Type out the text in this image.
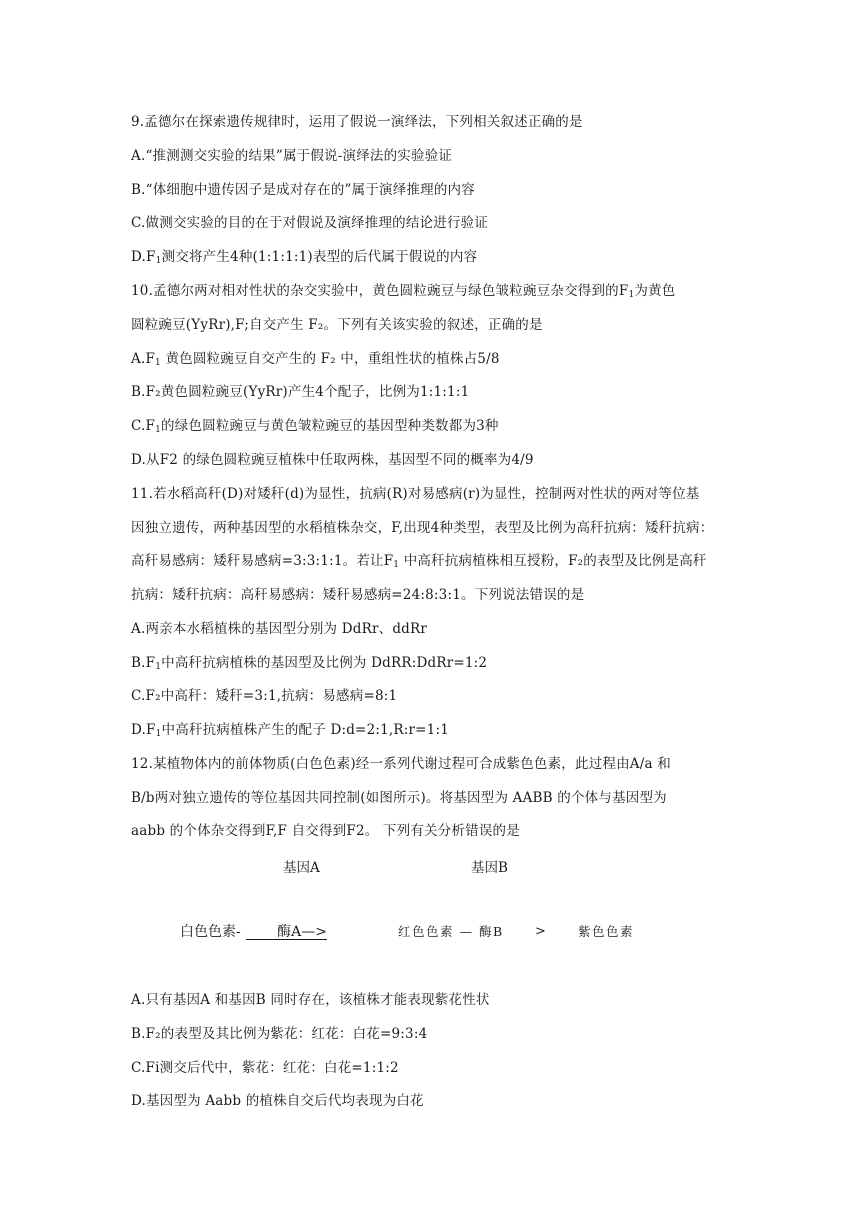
9.孟德尔在探索遗传规律时，运用了假说一演绎法，下列相关叙述正确的是
A.“推测测交实验的结果”属于假说-演绎法的实验验证
B.“体细胞中遗传因子是成对存在的”属于演绎推理的内容
C.做测交实验的目的在于对假说及演绎推理的结论进行验证
$D.F_1$测交将产生4种(1:1:1:1)表型的后代属于假说的内容
10.孟德尔两对相对性状的杂交实验中，黄色圆粒豌豆与绿色皱粒豌豆杂交得到的$F_1$为黄色
圆粒豌豆(YyRr),F;自交产生 F₂。下列有关该实验的叙述，正确的是
$A.F_1$ 黄色圆粒豌豆自交产生的 F₂ 中，重组性状的植株占5/8
B.F₂黄色圆粒豌豆(YyRr)产生4个配子，比例为1:1:1:1
$C.F_1$的绿色圆粒豌豆与黄色皱粒豌豆的基因型种类数都为3种
D.从F2 的绿色圆粒豌豆植株中任取两株，基因型不同的概率为4/9
11.若水稻高秆(D)对矮秆(d)为显性，抗病(R)对易感病(r)为显性，控制两对性状的两对等位基
因独立遗传，两种基因型的水稻植株杂交，F,出现4种类型，表型及比例为高秆抗病：矮秆抗病：
高秆易感病：矮秆易感病=3:3:1:1。若让$F_1$ 中高秆抗病植株相互授粉，F₂的表型及比例是高秆
抗病：矮秆抗病：高秆易感病：矮秆易感病=24:8:3:1。下列说法错误的是
A.两亲本水稻植株的基因型分别为 DdRr、ddRr
$B.F_1$中高秆抗病植株的基因型及比例为 DdRR:DdRr=1:2
C.F₂中高秆：矮秆=3:1,抗病：易感病=8:1
$D.F_1$中高秆抗病植株产生的配子 D:d=2:1,R:r=1:1
12.某植物体内的前体物质(白色色素)经一系列代谢过程可合成紫色色素，此过程由A/a 和
B/b两对独立遗传的等位基因共同控制(如图所示)。将基因型为 AABB 的个体与基因型为
aabb 的个体杂交得到F,F 自交得到F2。 下列有关分析错误的是
基因A	基因B
白色色素- 酶A—>	红色色素 — 酶B >	紫色色素
A.只有基因A 和基因B 同时存在，该植株才能表现紫花性状
B.F₂的表型及其比例为紫花：红花：白花=9:3:4
C.Fi测交后代中，紫花：红花：白花=1:1:2
D.基因型为 Aabb 的植株自交后代均表现为白花
